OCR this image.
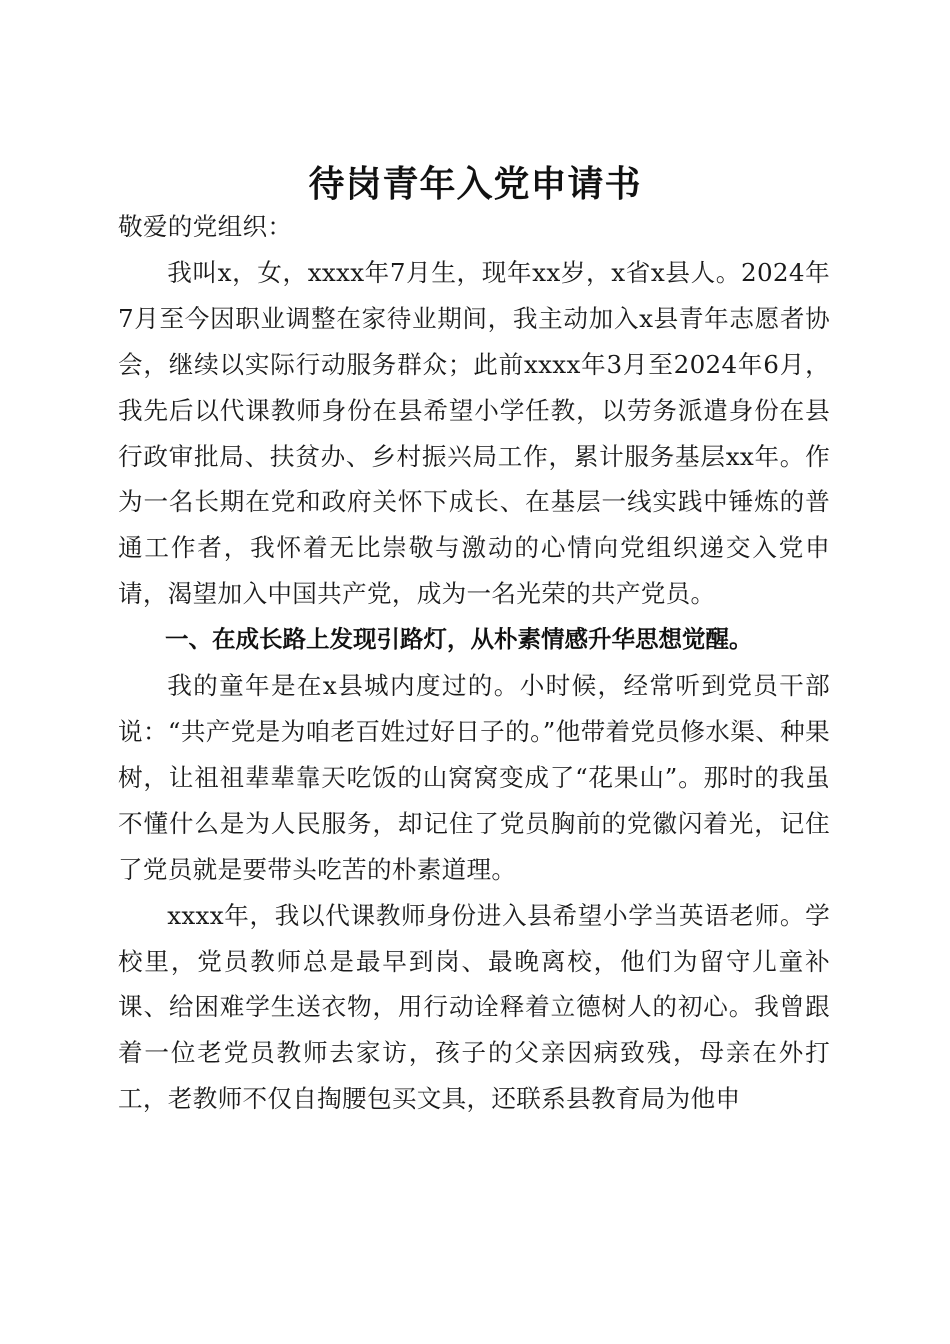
待岗青年入党申请书

敬爱的党组织：

我叫x，女，xxxx年7月生，现年xx岁，x省x县人。2024年7月至今因职业调整在家待业期间，我主动加入x县青年志愿者协会，继续以实际行动服务群众；此前xxxx年3月至2024年6月，我先后以代课教师身份在县希望小学任教，以劳务派遣身份在县行政审批局、扶贫办、乡村振兴局工作，累计服务基层xx年。作为一名长期在党和政府关怀下成长、在基层一线实践中锤炼的普通工作者，我怀着无比崇敬与激动的心情向党组织递交入党申请，渴望加入中国共产党，成为一名光荣的共产党员。

一、在成长路上发现引路灯，从朴素情感升华思想觉醒。

我的童年是在x县城内度过的。小时候，经常听到党员干部说：“共产党是为咱老百姓过好日子的。”他带着党员修水渠、种果树，让祖祖辈辈靠天吃饭的山窝窝变成了“花果山”。那时的我虽不懂什么是为人民服务，却记住了党员胸前的党徽闪着光，记住了党员就是要带头吃苦的朴素道理。

xxxx年，我以代课教师身份进入县希望小学当英语老师。学校里，党员教师总是最早到岗、最晚离校，他们为留守儿童补课、给困难学生送衣物，用行动诠释着立德树人的初心。我曾跟着一位老党员教师去家访，孩子的父亲因病致残，母亲在外打工，老教师不仅自掏腰包买文具，还联系县教育局为他申
